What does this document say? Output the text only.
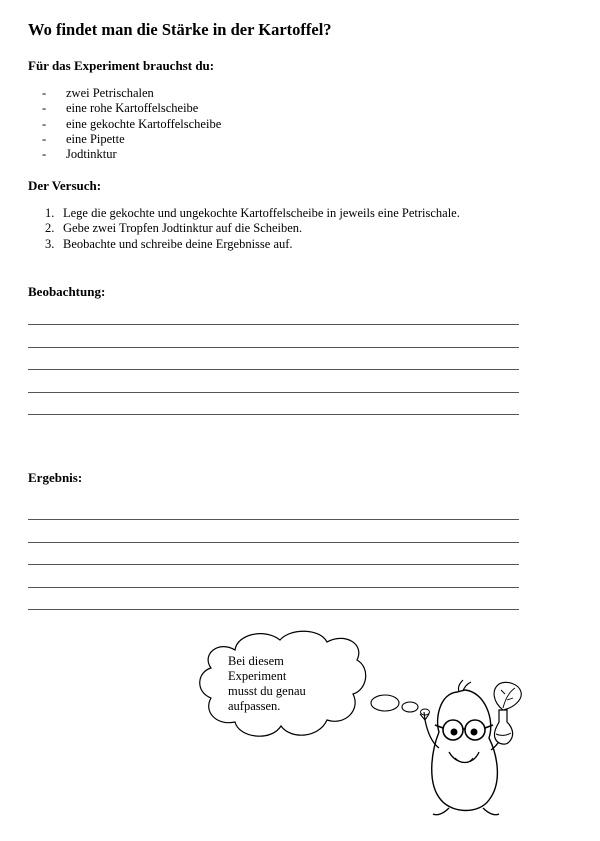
Wo findet man die Stärke in der Kartoffel?
Für das Experiment brauchst du:
- zwei Petrischalen
- eine rohe Kartoffelscheibe
- eine gekochte Kartoffelscheibe
- eine Pipette
- Jodtinktur
Der Versuch:
1. Lege die gekochte und ungekochte Kartoffelscheibe in jeweils eine Petrischale.
2. Gebe zwei Tropfen Jodtinktur auf die Scheiben.
3. Beobachte und schreibe deine Ergebnisse auf.
Beobachtung:
Ergebnis:
Bei diesem
Experiment
musst du genau
aufpassen.
